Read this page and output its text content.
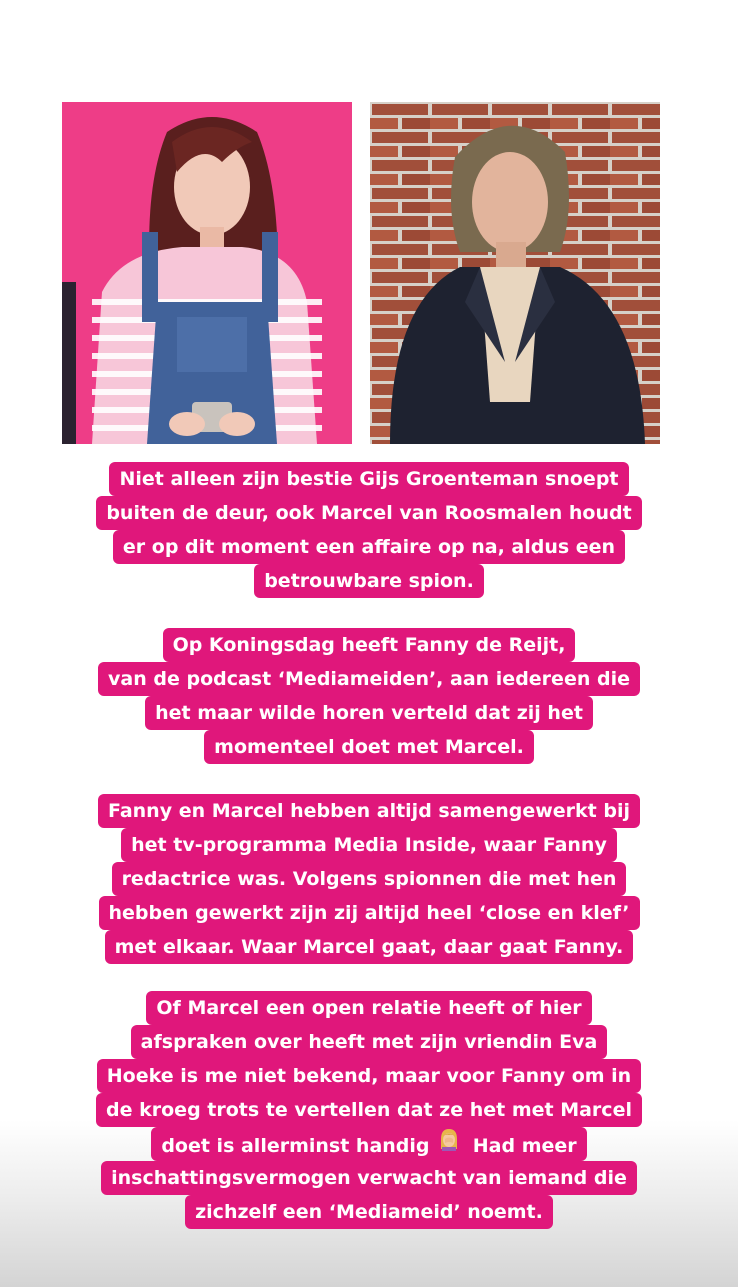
Niet alleen zijn bestie Gijs Groenteman snoept
buiten de deur, ook Marcel van Roosmalen houdt
er op dit moment een affaire op na, aldus een
betrouwbare spion.
Op Koningsdag heeft Fanny de Reijt,
van de podcast ‘Mediameiden’, aan iedereen die
het maar wilde horen verteld dat zij het
momenteel doet met Marcel.
Fanny en Marcel hebben altijd samengewerkt bij
het tv-programma Media Inside, waar Fanny
redactrice was. Volgens spionnen die met hen
hebben gewerkt zijn zij altijd heel ‘close en klef’
met elkaar. Waar Marcel gaat, daar gaat Fanny.
Of Marcel een open relatie heeft of hier
afspraken over heeft met zijn vriendin Eva
Hoeke is me niet bekend, maar voor Fanny om in
de kroeg trots te vertellen dat ze het met Marcel
doet is allerminst handig Had meer
inschattingsvermogen verwacht van iemand die
zichzelf een ‘Mediameid’ noemt.
